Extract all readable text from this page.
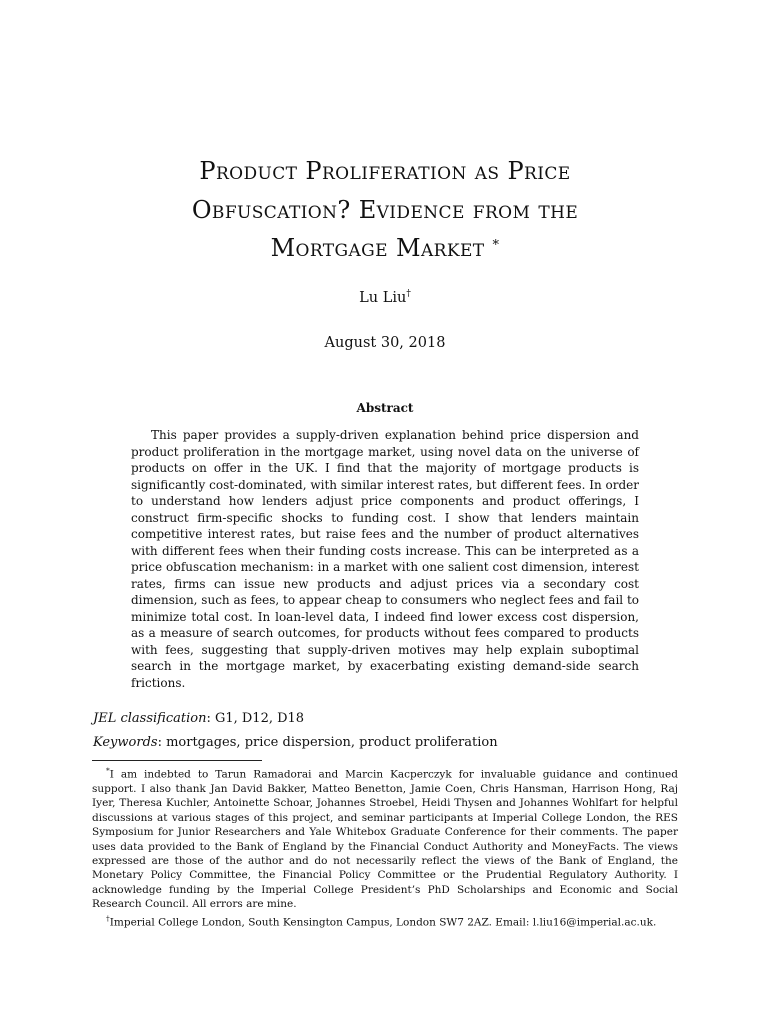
Product Proliferation as Price
Obfuscation? Evidence from the
Mortgage Market *
Lu Liu†
August 30, 2018
Abstract

This paper provides a supply-driven explanation behind price dispersion and product proliferation in the mortgage market, using novel data on the universe of products on offer in the UK. I find that the majority of mortgage products is significantly cost-dominated, with similar interest rates, but different fees. In order to understand how lenders adjust price components and product offerings, I construct firm-specific shocks to funding cost. I show that lenders maintain competitive interest rates, but raise fees and the number of product alternatives with different fees when their funding costs increase. This can be interpreted as a price obfuscation mechanism: in a market with one salient cost dimension, interest rates, firms can issue new products and adjust prices via a secondary cost dimension, such as fees, to appear cheap to consumers who neglect fees and fail to minimize total cost. In loan-level data, I indeed find lower excess cost dispersion, as a measure of search outcomes, for products without fees compared to products with fees, suggesting that supply-driven motives may help explain suboptimal search in the mortgage market, by exacerbating existing demand-side search frictions.

JEL classification: G1, D12, D18
Keywords: mortgages, price dispersion, product proliferation

*I am indebted to Tarun Ramadorai and Marcin Kacperczyk for invaluable guidance and continued support. I also thank Jan David Bakker, Matteo Benetton, Jamie Coen, Chris Hansman, Harrison Hong, Raj Iyer, Theresa Kuchler, Antoinette Schoar, Johannes Stroebel, Heidi Thysen and Johannes Wohlfart for helpful discussions at various stages of this project, and seminar participants at Imperial College London, the RES Symposium for Junior Researchers and Yale Whitebox Graduate Conference for their comments. The paper uses data provided to the Bank of England by the Financial Conduct Authority and MoneyFacts. The views expressed are those of the author and do not necessarily reflect the views of the Bank of England, the Monetary Policy Committee, the Financial Policy Committee or the Prudential Regulatory Authority. I acknowledge funding by the Imperial College President’s PhD Scholarships and Economic and Social Research Council. All errors are mine.

†Imperial College London, South Kensington Campus, London SW7 2AZ. Email: l.liu16@imperial.ac.uk.
